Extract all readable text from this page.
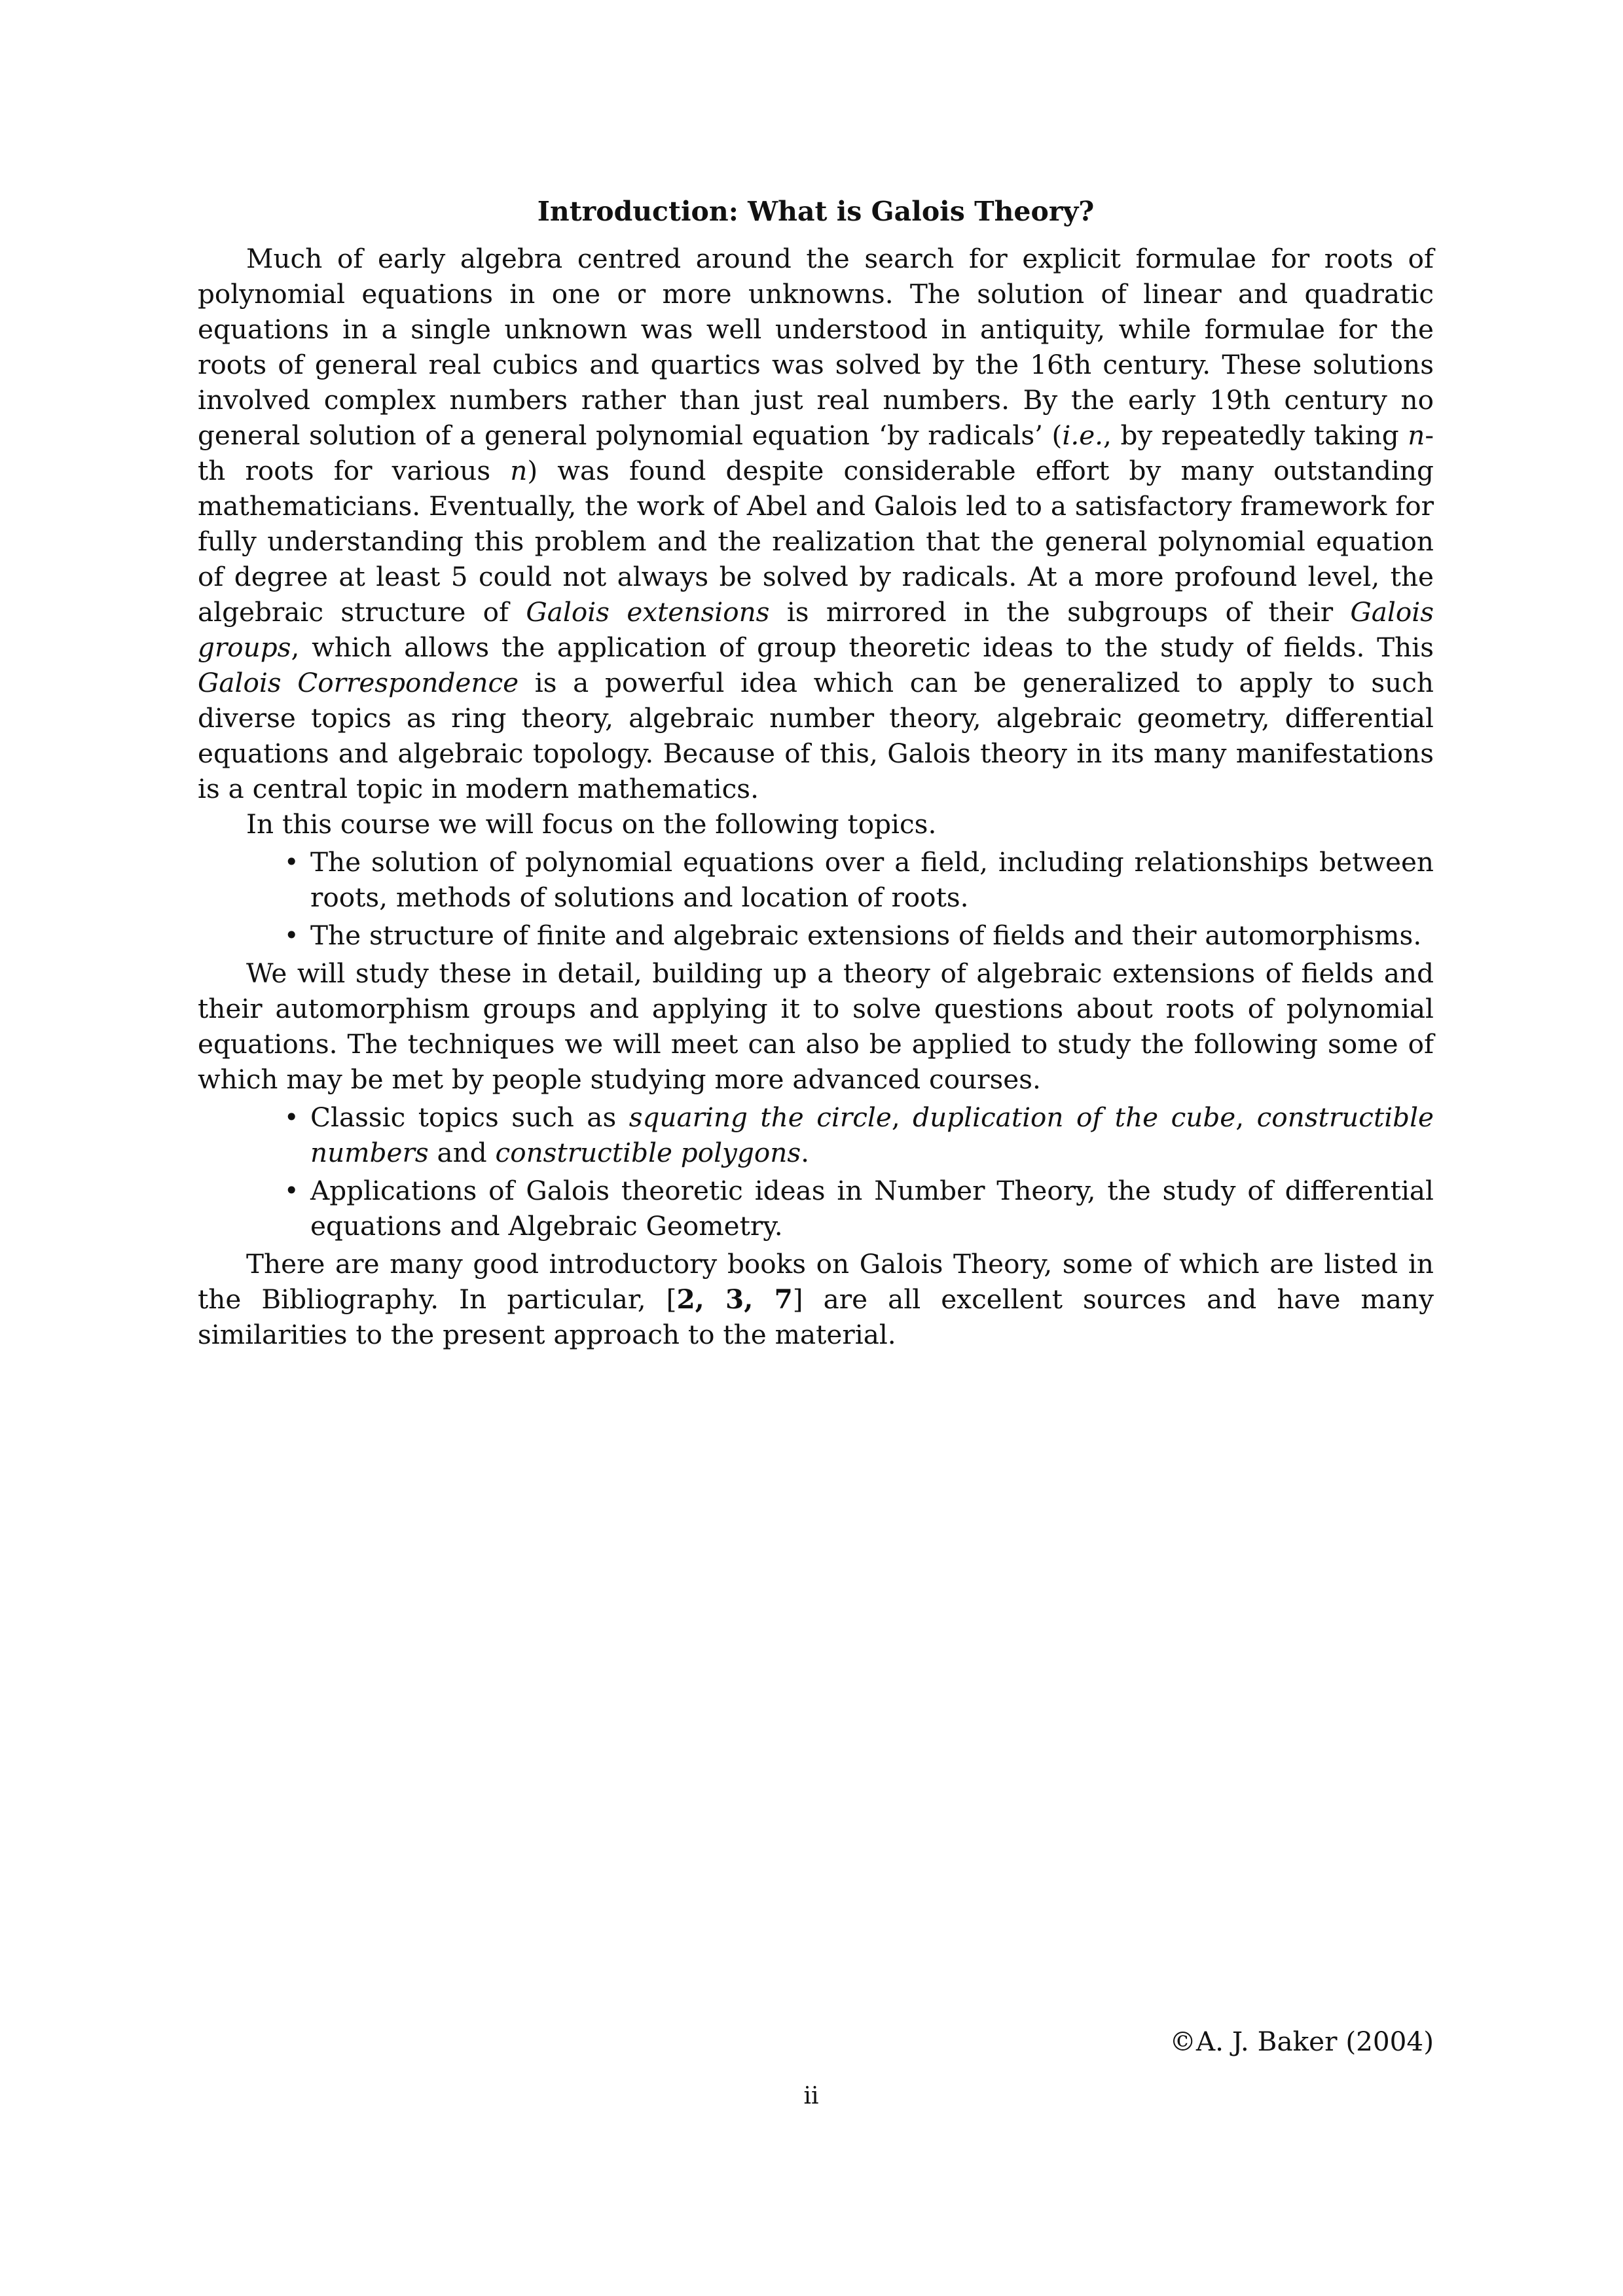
Introduction: What is Galois Theory?

Much of early algebra centred around the search for explicit formulae for roots of polynomial equations in one or more unknowns. The solution of linear and quadratic equations in a single unknown was well understood in antiquity, while formulae for the roots of general real cubics and quartics was solved by the 16th century. These solutions involved complex numbers rather than just real numbers. By the early 19th century no general solution of a general polynomial equation ‘by radicals’ (i.e., by repeatedly taking n-th roots for various n) was found despite considerable effort by many outstanding mathematicians. Eventually, the work of Abel and Galois led to a satisfactory framework for fully understanding this problem and the realization that the general polynomial equation of degree at least 5 could not always be solved by radicals. At a more profound level, the algebraic structure of Galois extensions is mirrored in the subgroups of their Galois groups, which allows the application of group theoretic ideas to the study of fields. This Galois Correspondence is a powerful idea which can be generalized to apply to such diverse topics as ring theory, algebraic number theory, algebraic geometry, differential equations and algebraic topology. Because of this, Galois theory in its many manifestations is a central topic in modern mathematics.

In this course we will focus on the following topics.

• The solution of polynomial equations over a field, including relationships between roots, methods of solutions and location of roots.
• The structure of finite and algebraic extensions of fields and their automorphisms.

We will study these in detail, building up a theory of algebraic extensions of fields and their automorphism groups and applying it to solve questions about roots of polynomial equations. The techniques we will meet can also be applied to study the following some of which may be met by people studying more advanced courses.

• Classic topics such as squaring the circle, duplication of the cube, constructible numbers and constructible polygons.
• Applications of Galois theoretic ideas in Number Theory, the study of differential equations and Algebraic Geometry.

There are many good introductory books on Galois Theory, some of which are listed in the Bibliography. In particular, [2, 3, 7] are all excellent sources and have many similarities to the present approach to the material.

©A. J. Baker (2004)
ii
